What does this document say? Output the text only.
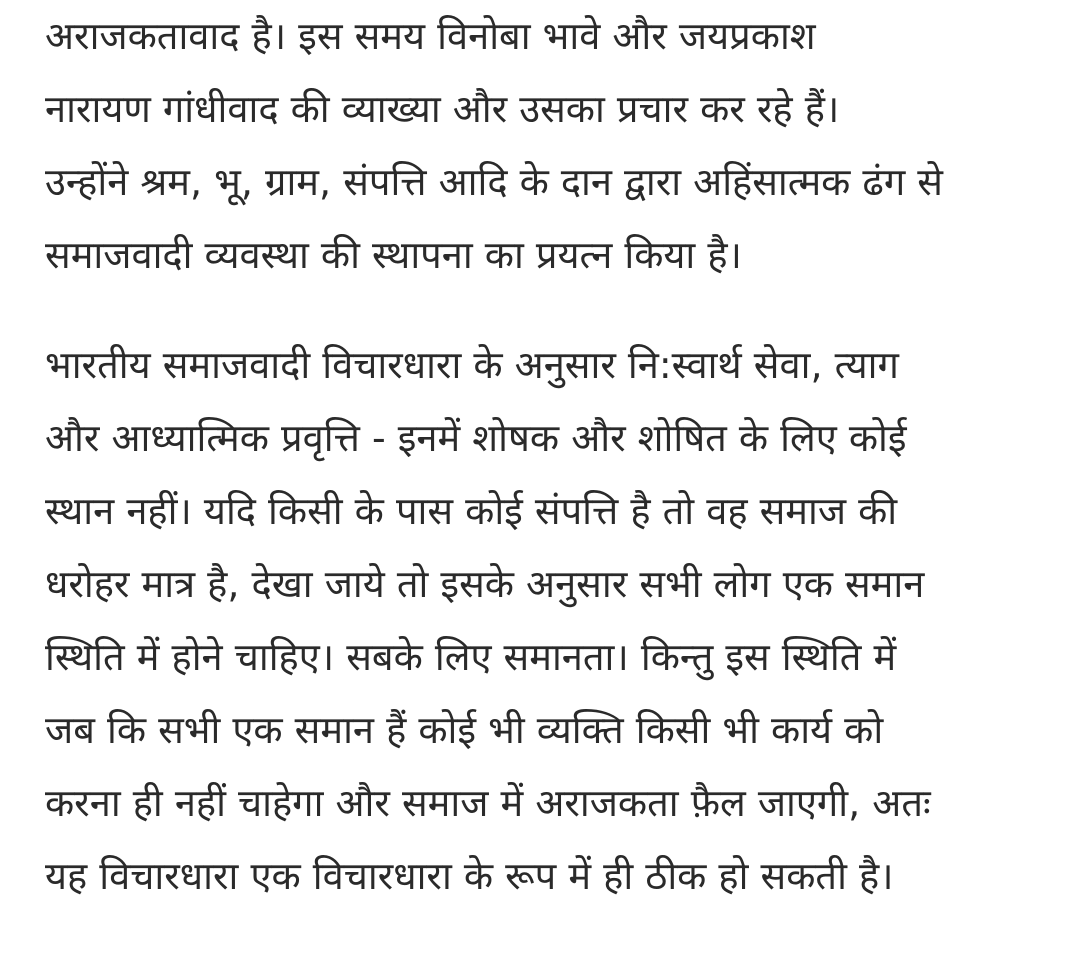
अराजकतावाद है। इस समय विनोबा भावे और जयप्रकाश
नारायण गांधीवाद की व्याख्या और उसका प्रचार कर रहे हैं।
उन्होंने श्रम, भू, ग्राम, संपत्ति आदि के दान द्वारा अहिंसात्मक ढंग से
समाजवादी व्यवस्था की स्थापना का प्रयत्न किया है।

भारतीय समाजवादी विचारधारा के अनुसार नि:स्वार्थ सेवा, त्याग
और आध्यात्मिक प्रवृत्ति - इनमें शोषक और शोषित के लिए कोई
स्थान नहीं। यदि किसी के पास कोई संपत्ति है तो वह समाज की
धरोहर मात्र है, देखा जाये तो इसके अनुसार सभी लोग एक समान
स्थिति में होने चाहिए। सबके लिए समानता। किन्तु इस स्थिति में
जब कि सभी एक समान हैं कोई भी व्यक्ति किसी भी कार्य को
करना ही नहीं चाहेगा और समाज में अराजकता फ़ैल जाएगी, अतः
यह विचारधारा एक विचारधारा के रूप में ही ठीक हो सकती है।
